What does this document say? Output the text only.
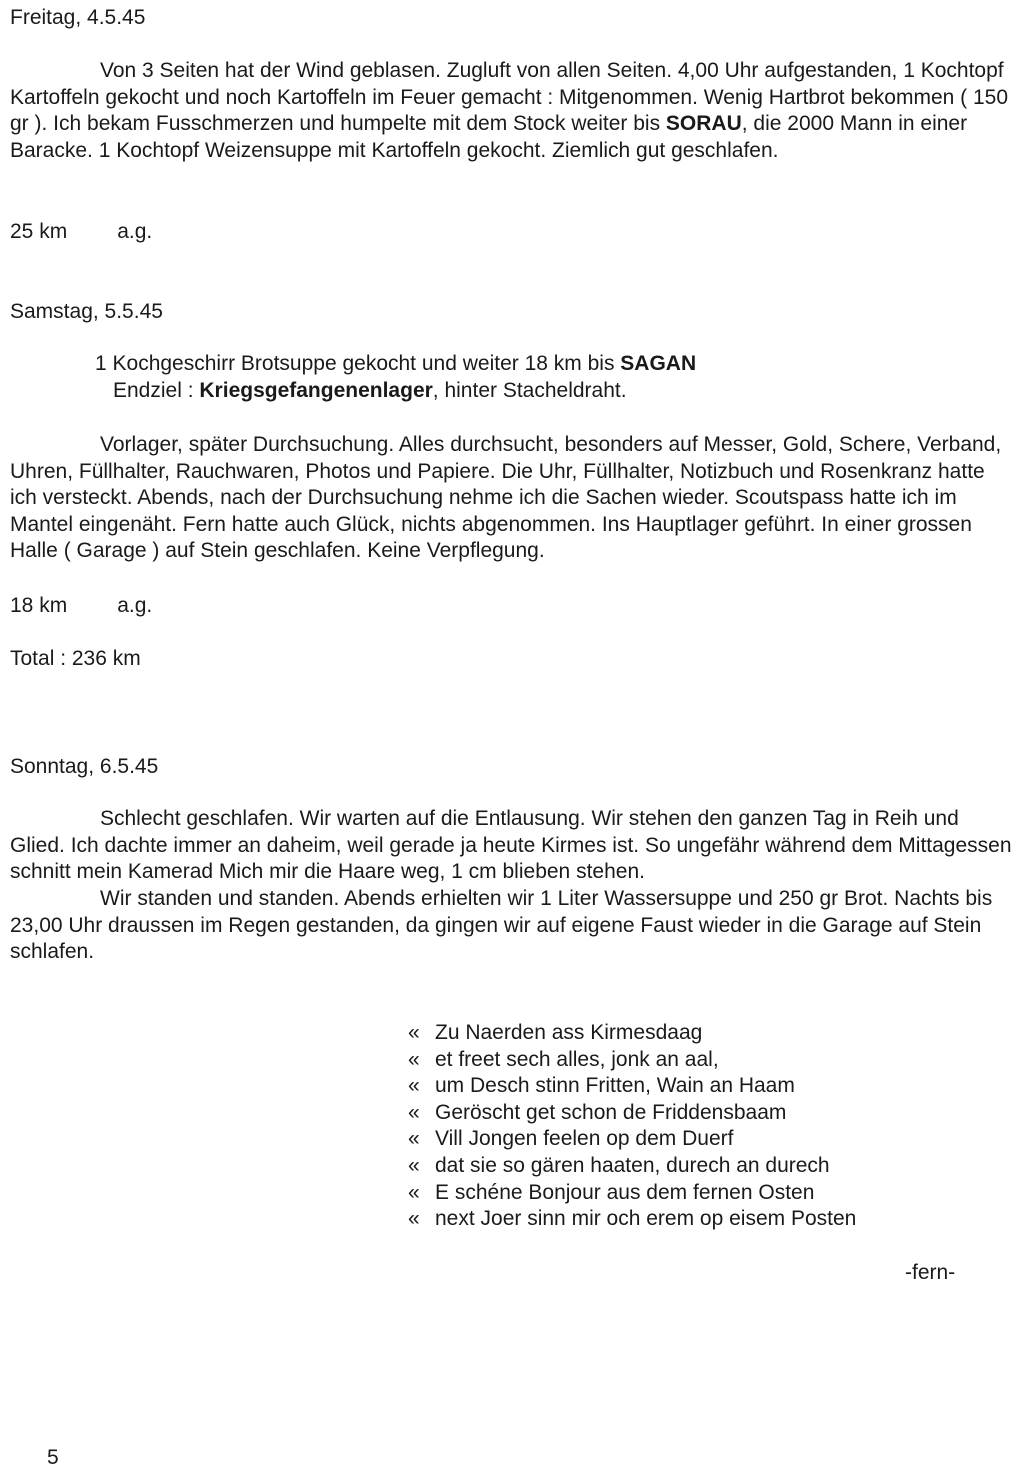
Freitag, 4.5.45

Von 3 Seiten hat der Wind geblasen. Zugluft von allen Seiten. 4,00 Uhr aufgestanden, 1 Kochtopf Kartoffeln gekocht und noch Kartoffeln im Feuer gemacht : Mitgenommen. Wenig Hartbrot bekommen ( 150 gr ). Ich bekam Fusschmerzen und humpelte mit dem Stock weiter bis SORAU, die 2000 Mann in einer Baracke. 1 Kochtopf Weizensuppe mit Kartoffeln gekocht. Ziemlich gut geschlafen.

25 km a.g.

Samstag, 5.5.45

1 Kochgeschirr Brotsuppe gekocht und weiter 18 km bis SAGAN
Endziel : Kriegsgefangenenlager, hinter Stacheldraht.

Vorlager, später Durchsuchung. Alles durchsucht, besonders auf Messer, Gold, Schere, Verband, Uhren, Füllhalter, Rauchwaren, Photos und Papiere. Die Uhr, Füllhalter, Notizbuch und Rosenkranz hatte ich versteckt. Abends, nach der Durchsuchung nehme ich die Sachen wieder. Scoutspass hatte ich im Mantel eingenäht. Fern hatte auch Glück, nichts abgenommen. Ins Hauptlager geführt. In einer grossen Halle ( Garage ) auf Stein geschlafen. Keine Verpflegung.

18 km a.g.

Total : 236 km

Sonntag, 6.5.45

Schlecht geschlafen. Wir warten auf die Entlausung. Wir stehen den ganzen Tag in Reih und Glied. Ich dachte immer an daheim, weil gerade ja heute Kirmes ist. So ungefähr während dem Mittagessen schnitt mein Kamerad Mich mir die Haare weg, 1 cm blieben stehen.

Wir standen und standen. Abends erhielten wir 1 Liter Wassersuppe und 250 gr Brot. Nachts bis 23,00 Uhr draussen im Regen gestanden, da gingen wir auf eigene Faust wieder in die Garage auf Stein schlafen.

« Zu Naerden ass Kirmesdaag
« et freet sech alles, jonk an aal,
« um Desch stinn Fritten, Wain an Haam
« Geröscht get schon de Friddensbaam
« Vill Jongen feelen op dem Duerf
« dat sie so gären haaten, durech an durech
« E schéne Bonjour aus dem fernen Osten
« next Joer sinn mir och erem op eisem Posten

-fern-

5
